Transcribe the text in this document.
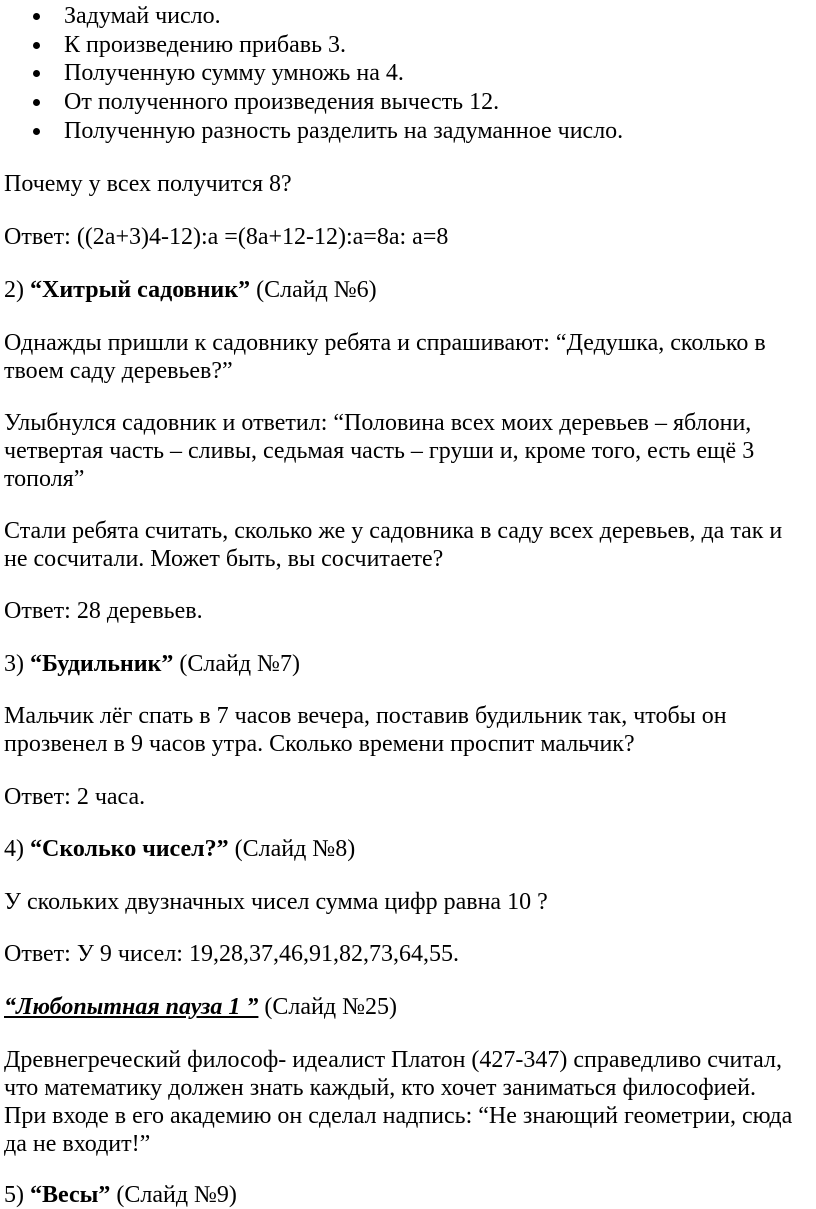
Задумай число.
К произведению прибавь 3.
Полученную сумму умножь на 4.
От полученного произведения вычесть 12.
Полученную разность разделить на задуманное число.
Почему у всех получится 8?
Ответ: ((2a+3)4-12):a =(8a+12-12):a=8a: a=8
2) “Хитрый садовник” (Слайд №6)
Однажды пришли к садовнику ребята и спрашивают: “Дедушка, сколько в
твоем саду деревьев?”
Улыбнулся садовник и ответил: “Половина всех моих деревьев – яблони,
четвертая часть – сливы, седьмая часть – груши и, кроме того, есть ещё 3
тополя”
Стали ребята считать, сколько же у садовника в саду всех деревьев, да так и
не сосчитали. Может быть, вы сосчитаете?
Ответ: 28 деревьев.
3) “Будильник” (Слайд №7)
Мальчик лёг спать в 7 часов вечера, поставив будильник так, чтобы он
прозвенел в 9 часов утра. Сколько времени проспит мальчик?
Ответ: 2 часа.
4) “Сколько чисел?” (Слайд №8)
У скольких двузначных чисел сумма цифр равна 10 ?
Ответ: У 9 чисел: 19,28,37,46,91,82,73,64,55.
“Любопытная пауза 1 ” (Слайд №25)
Древнегреческий философ- идеалист Платон (427-347) справедливо считал,
что математику должен знать каждый, кто хочет заниматься философией.
При входе в его академию он сделал надпись: “Не знающий геометрии, сюда
да не входит!”
5) “Весы” (Слайд №9)
